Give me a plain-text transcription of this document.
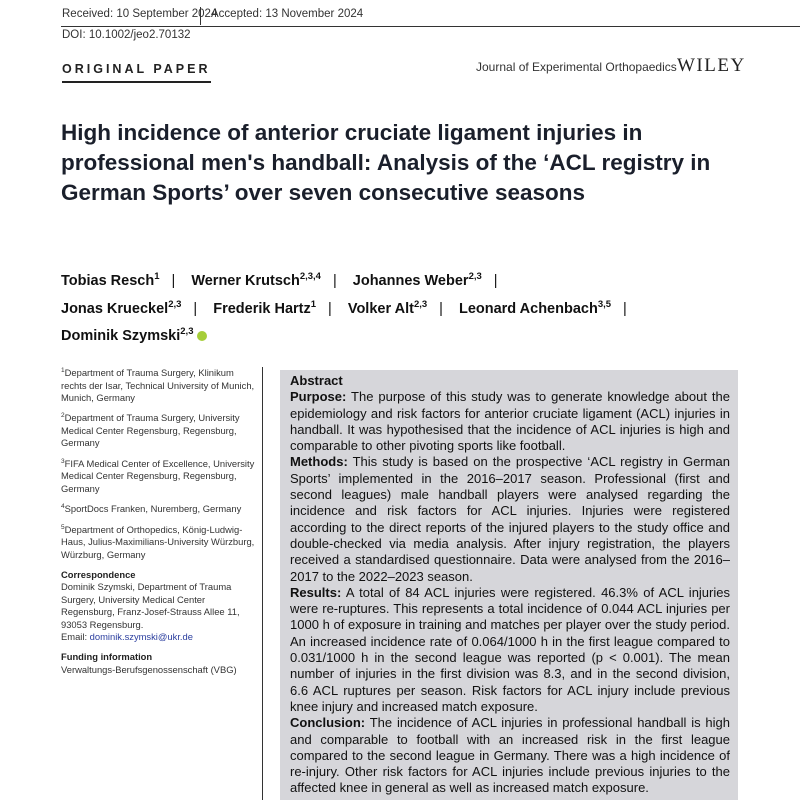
Received: 10 September 2024
Accepted: 13 November 2024
DOI: 10.1002/jeo2.70132
ORIGINAL PAPER	Journal of Experimental Orthopaedics WILEY
High incidence of anterior cruciate ligament injuries in professional men's handball: Analysis of the ‘ACL registry in German Sports’ over seven consecutive seasons
Tobias Resch$^1$ | Werner Krutsch$^{2,3,4}$ | Johannes Weber$^{2,3}$ |
Jonas Krueckel$^{2,3}$ | Frederik Hartz$^1$ | Volker Alt$^{2,3}$ | Leonard Achenbach$^{3,5}$ |
Dominik Szymski$^{2,3}$

$^1$Department of Trauma Surgery, Klinikum rechts der Isar, Technical University of Munich, Munich, Germany

$^2$Department of Trauma Surgery, University Medical Center Regensburg, Regensburg, Germany

$^3$FIFA Medical Center of Excellence, University Medical Center Regensburg, Regensburg, Germany

$^4$SportDocs Franken, Nuremberg, Germany

$^5$Department of Orthopedics, König-Ludwig-Haus, Julius-Maximilians-University Würzburg, Würzburg, Germany

Correspondence
Dominik Szymski, Department of Trauma Surgery, University Medical Center Regensburg, Franz-Josef-Strauss Allee 11, 93053 Regensburg.
Email: dominik.szymski@ukr.de
Funding information
Verwaltungs-Berufsgenossenschaft (VBG)
Abstract

Purpose: The purpose of this study was to generate knowledge about the epidemiology and risk factors for anterior cruciate ligament (ACL) injuries in handball. It was hypothesised that the incidence of ACL injuries is high and comparable to other pivoting sports like football.

Methods: This study is based on the prospective ‘ACL registry in German Sports’ implemented in the 2016–2017 season. Professional (first and second leagues) male handball players were analysed regarding the incidence and risk factors for ACL injuries. Injuries were registered according to the direct reports of the injured players to the study office and double-checked via media analysis. After injury registration, the players received a standardised questionnaire. Data were analysed from the 2016–2017 to the 2022–2023 season.

Results: A total of 84 ACL injuries were registered. 46.3% of ACL injuries were re-ruptures. This represents a total incidence of 0.044 ACL injuries per 1000 h of exposure in training and matches per player over the study period. An increased incidence rate of 0.064/1000 h in the first league compared to 0.031/1000 h in the second league was reported (p < 0.001). The mean number of injuries in the first division was 8.3, and in the second division, 6.6 ACL ruptures per season. Risk factors for ACL injury include previous knee injury and increased match exposure.

Conclusion: The incidence of ACL injuries in professional handball is high and comparable to football with an increased risk in the first league compared to the second league in Germany. There was a high incidence of re-injury. Other risk factors for ACL injuries include previous injuries to the affected knee in general as well as increased match exposure.
